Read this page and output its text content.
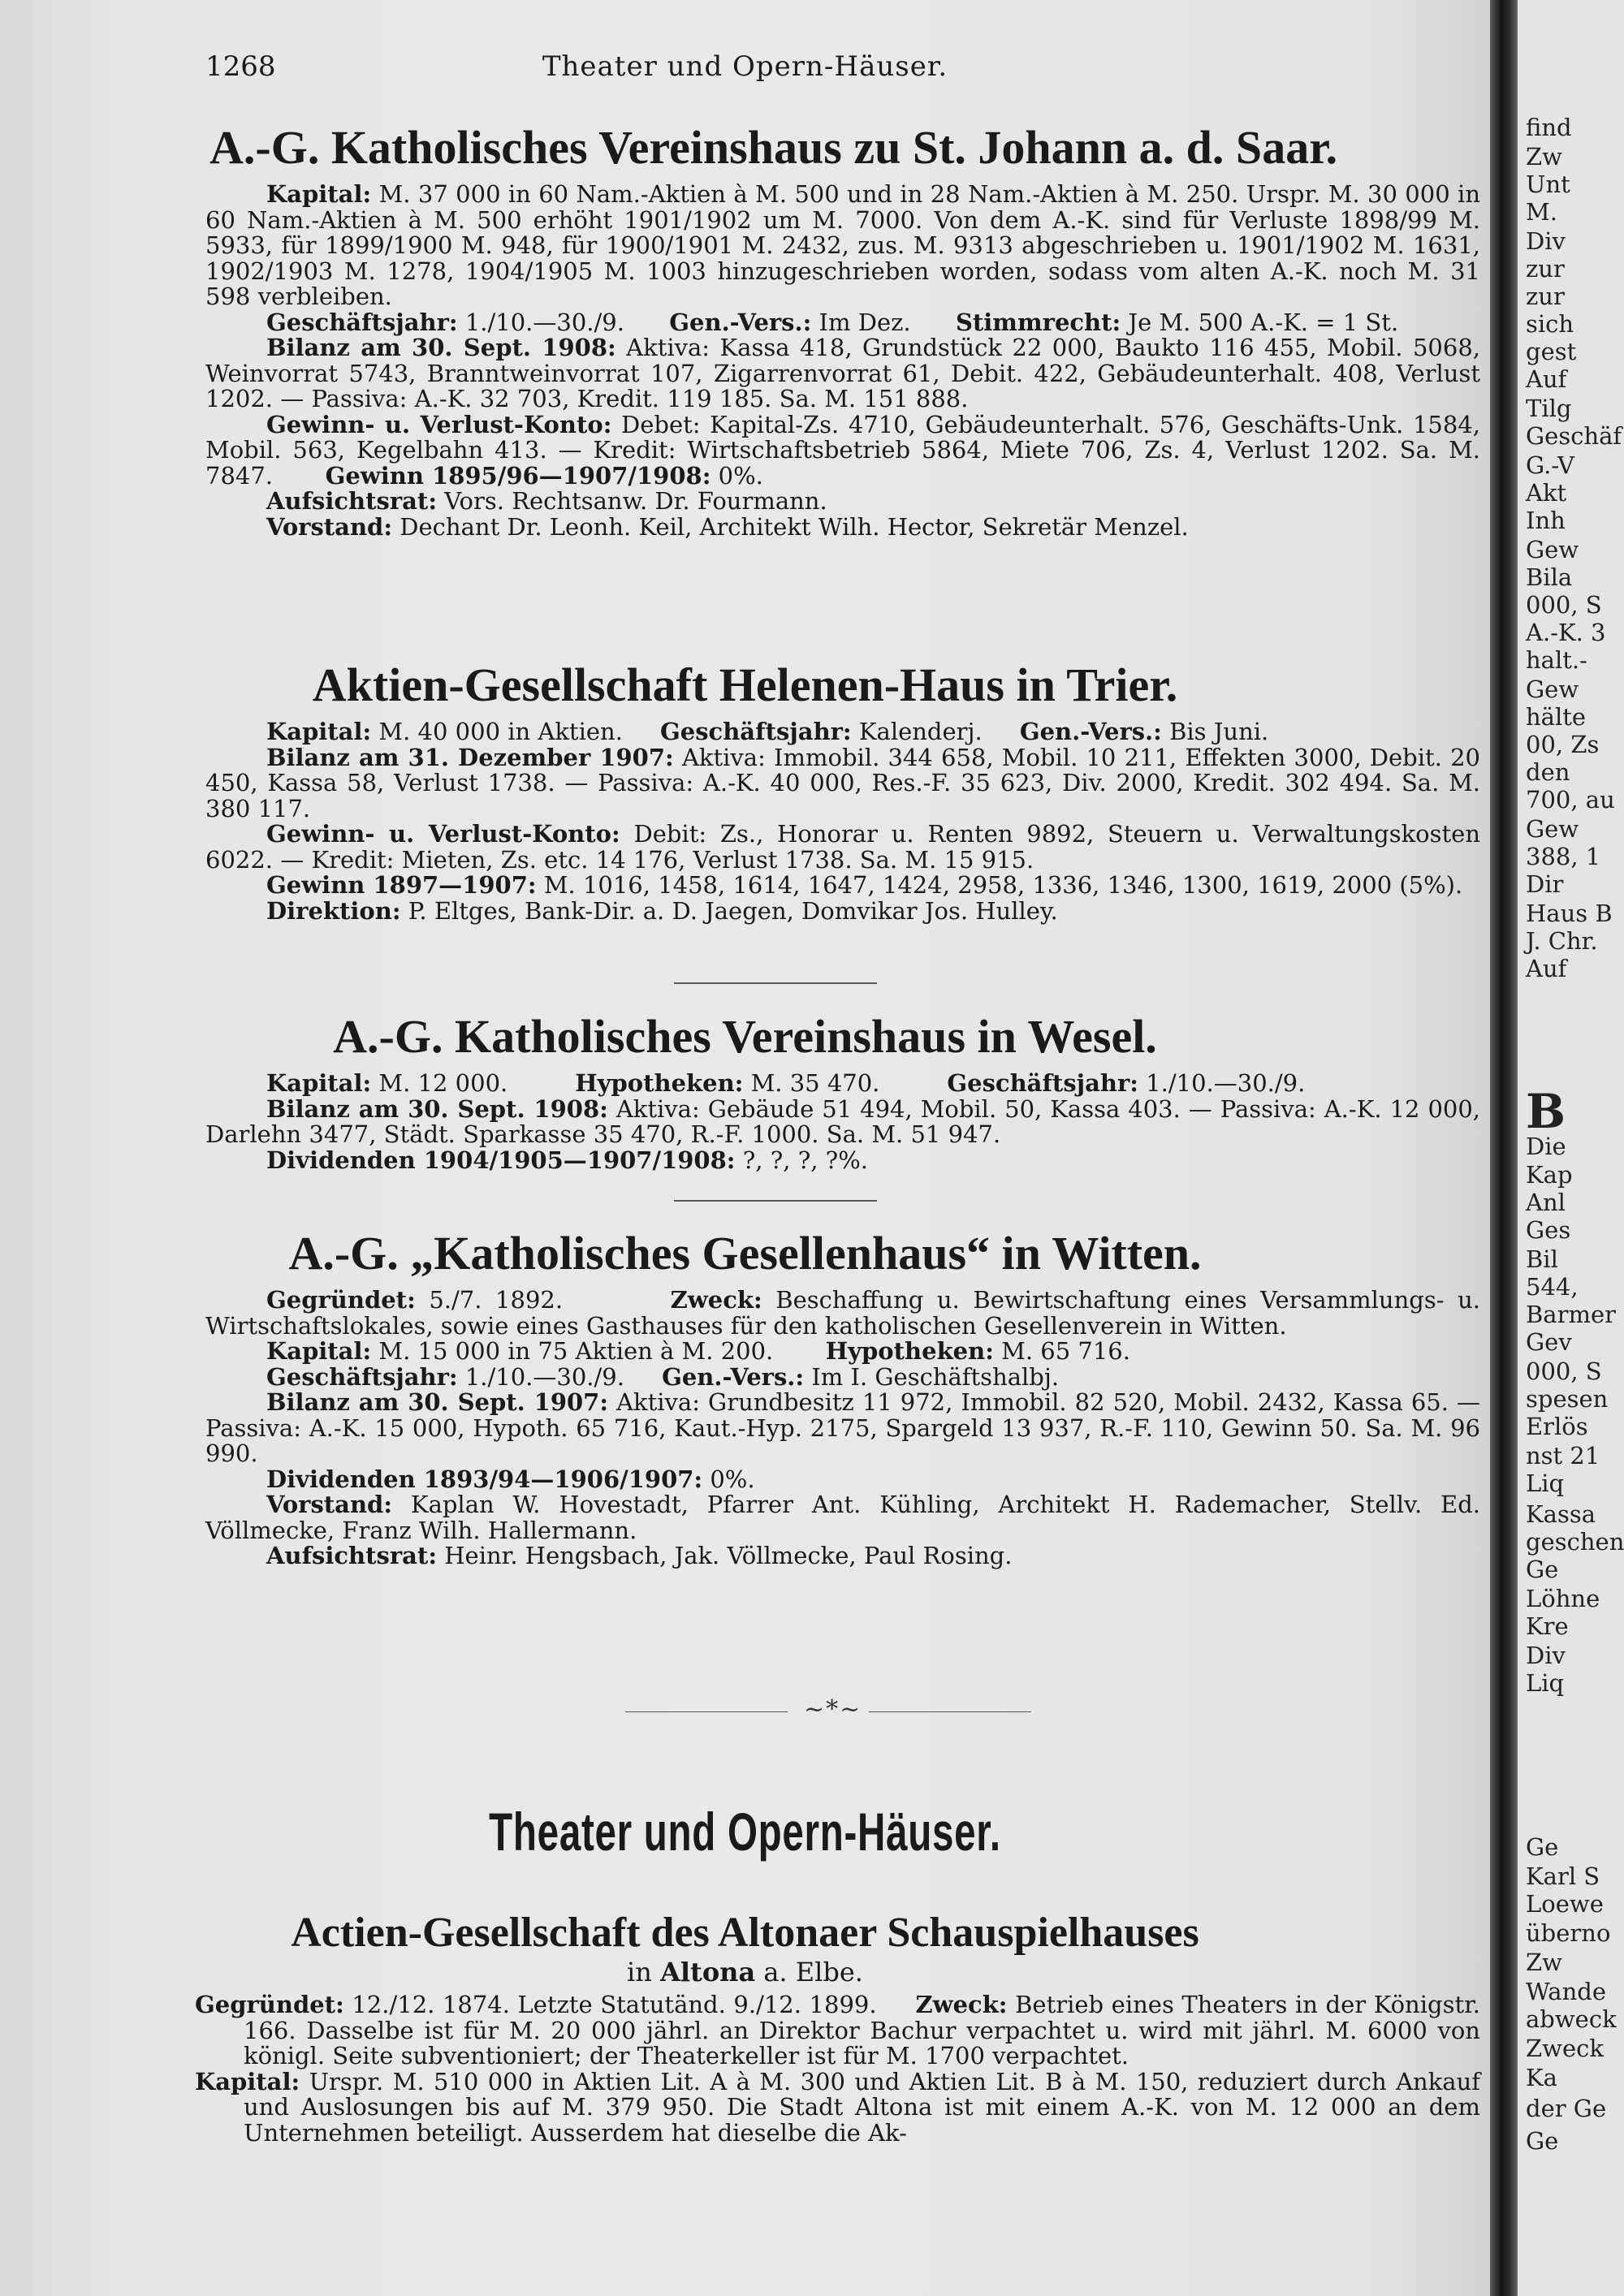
1268	Theater und Opern-Häuser.
A.-G. Katholisches Vereinshaus zu St. Johann a. d. Saar.

Kapital: M. 37 000 in 60 Nam.-Aktien à M. 500 und in 28 Nam.-Aktien à M. 250. Urspr. M. 30 000 in 60 Nam.-Aktien à M. 500 erhöht 1901/1902 um M. 7000. Von dem A.-K. sind für Verluste 1898/99 M. 5933, für 1899/1900 M. 948, für 1900/1901 M. 2432, zus. M. 9313 abgeschrieben u. 1901/1902 M. 1631, 1902/1903 M. 1278, 1904/1905 M. 1003 hinzugeschrieben worden, sodass vom alten A.-K. noch M. 31 598 verbleiben.

Geschäftsjahr: 1./10.—30./9. Gen.-Vers.: Im Dez. Stimmrecht: Je M. 500 A.-K. = 1 St.

Bilanz am 30. Sept. 1908: Aktiva: Kassa 418, Grundstück 22 000, Baukto 116 455, Mobil. 5068, Weinvorrat 5743, Branntweinvorrat 107, Zigarrenvorrat 61, Debit. 422, Gebäudeunterhalt. 408, Verlust 1202. — Passiva: A.-K. 32 703, Kredit. 119 185. Sa. M. 151 888.

Gewinn- u. Verlust-Konto: Debet: Kapital-Zs. 4710, Gebäudeunterhalt. 576, Geschäfts-Unk. 1584, Mobil. 563, Kegelbahn 413. — Kredit: Wirtschaftsbetrieb 5864, Miete 706, Zs. 4, Verlust 1202. Sa. M. 7847. Gewinn 1895/96—1907/1908: 0%.

Aufsichtsrat: Vors. Rechtsanw. Dr. Fourmann.

Vorstand: Dechant Dr. Leonh. Keil, Architekt Wilh. Hector, Sekretär Menzel.

Aktien-Gesellschaft Helenen-Haus in Trier.

Kapital: M. 40 000 in Aktien. Geschäftsjahr: Kalenderj. Gen.-Vers.: Bis Juni.

Bilanz am 31. Dezember 1907: Aktiva: Immobil. 344 658, Mobil. 10 211, Effekten 3000, Debit. 20 450, Kassa 58, Verlust 1738. — Passiva: A.-K. 40 000, Res.-F. 35 623, Div. 2000, Kredit. 302 494. Sa. M. 380 117.

Gewinn- u. Verlust-Konto: Debit: Zs., Honorar u. Renten 9892, Steuern u. Verwaltungskosten 6022. — Kredit: Mieten, Zs. etc. 14 176, Verlust 1738. Sa. M. 15 915.

Gewinn 1897—1907: M. 1016, 1458, 1614, 1647, 1424, 2958, 1336, 1346, 1300, 1619, 2000 (5%).

Direktion: P. Eltges, Bank-Dir. a. D. Jaegen, Domvikar Jos. Hulley.

A.-G. Katholisches Vereinshaus in Wesel.

Kapital: M. 12 000.	Hypotheken: M. 35 470.	Geschäftsjahr: 1./10.—30./9.

Bilanz am 30. Sept. 1908: Aktiva: Gebäude 51 494, Mobil. 50, Kassa 403. — Passiva: A.-K. 12 000, Darlehn 3477, Städt. Sparkasse 35 470, R.-F. 1000. Sa. M. 51 947.

Dividenden 1904/1905—1907/1908: ?, ?, ?, ?%.

A.-G. „Katholisches Gesellenhaus“ in Witten.

Gegründet: 5./7. 1892.	Zweck: Beschaffung u. Bewirtschaftung eines Versammlungs- u. Wirtschaftslokales, sowie eines Gasthauses für den katholischen Gesellenverein in Witten.

Kapital: M. 15 000 in 75 Aktien à M. 200. Hypotheken: M. 65 716.

Geschäftsjahr: 1./10.—30./9. Gen.-Vers.: Im I. Geschäftshalbj.

Bilanz am 30. Sept. 1907: Aktiva: Grundbesitz 11 972, Immobil. 82 520, Mobil. 2432, Kassa 65. — Passiva: A.-K. 15 000, Hypoth. 65 716, Kaut.-Hyp. 2175, Spargeld 13 937, R.-F. 110, Gewinn 50. Sa. M. 96 990.

Dividenden 1893/94—1906/1907: 0%.

Vorstand: Kaplan W. Hovestadt, Pfarrer Ant. Kühling, Architekt H. Rademacher, Stellv. Ed. Völlmecke, Franz Wilh. Hallermann.

Aufsichtsrat: Heinr. Hengsbach, Jak. Völlmecke, Paul Rosing.

~*~
Theater und Opern-Häuser.
Actien-Gesellschaft des Altonaer Schauspielhauses
in Altona a. Elbe.

Gegründet: 12./12. 1874. Letzte Statutänd. 9./12. 1899. Zweck: Betrieb eines Theaters in der Königstr. 166. Dasselbe ist für M. 20 000 jährl. an Direktor Bachur verpachtet u. wird mit jährl. M. 6000 von königl. Seite subventioniert; der Theaterkeller ist für M. 1700 verpachtet.

Kapital: Urspr. M. 510 000 in Aktien Lit. A à M. 300 und Aktien Lit. B à M. 150, reduziert durch Ankauf und Auslosungen bis auf M. 379 950. Die Stadt Altona ist mit einem A.-K. von M. 12 000 an dem Unternehmen beteiligt. Ausserdem hat dieselbe die Ak-

find
Zw
Unt
M.
Div
zur
zur
sich
gest
Auf
Tilg
Geschäf
G.-V
Akt
Inh
Gew
Bila
000, S
A.-K. 3
halt.-
Gew
hälte
00, Zs
den
700, au
Gew
388, 1
Dir
Haus B
J. Chr.
Auf
B
Die
Kap
Anl
Ges
Bil
544,
Barmer
Gev
000, S
spesen
Erlös
nst 21
Liq
Kassa
geschen
Ge
Löhne
Kre
Div
Liq
Ge
Karl S
Loewe
überno
Zw
Wande
abweck
Zweck
Ka
der Ge
Ge
